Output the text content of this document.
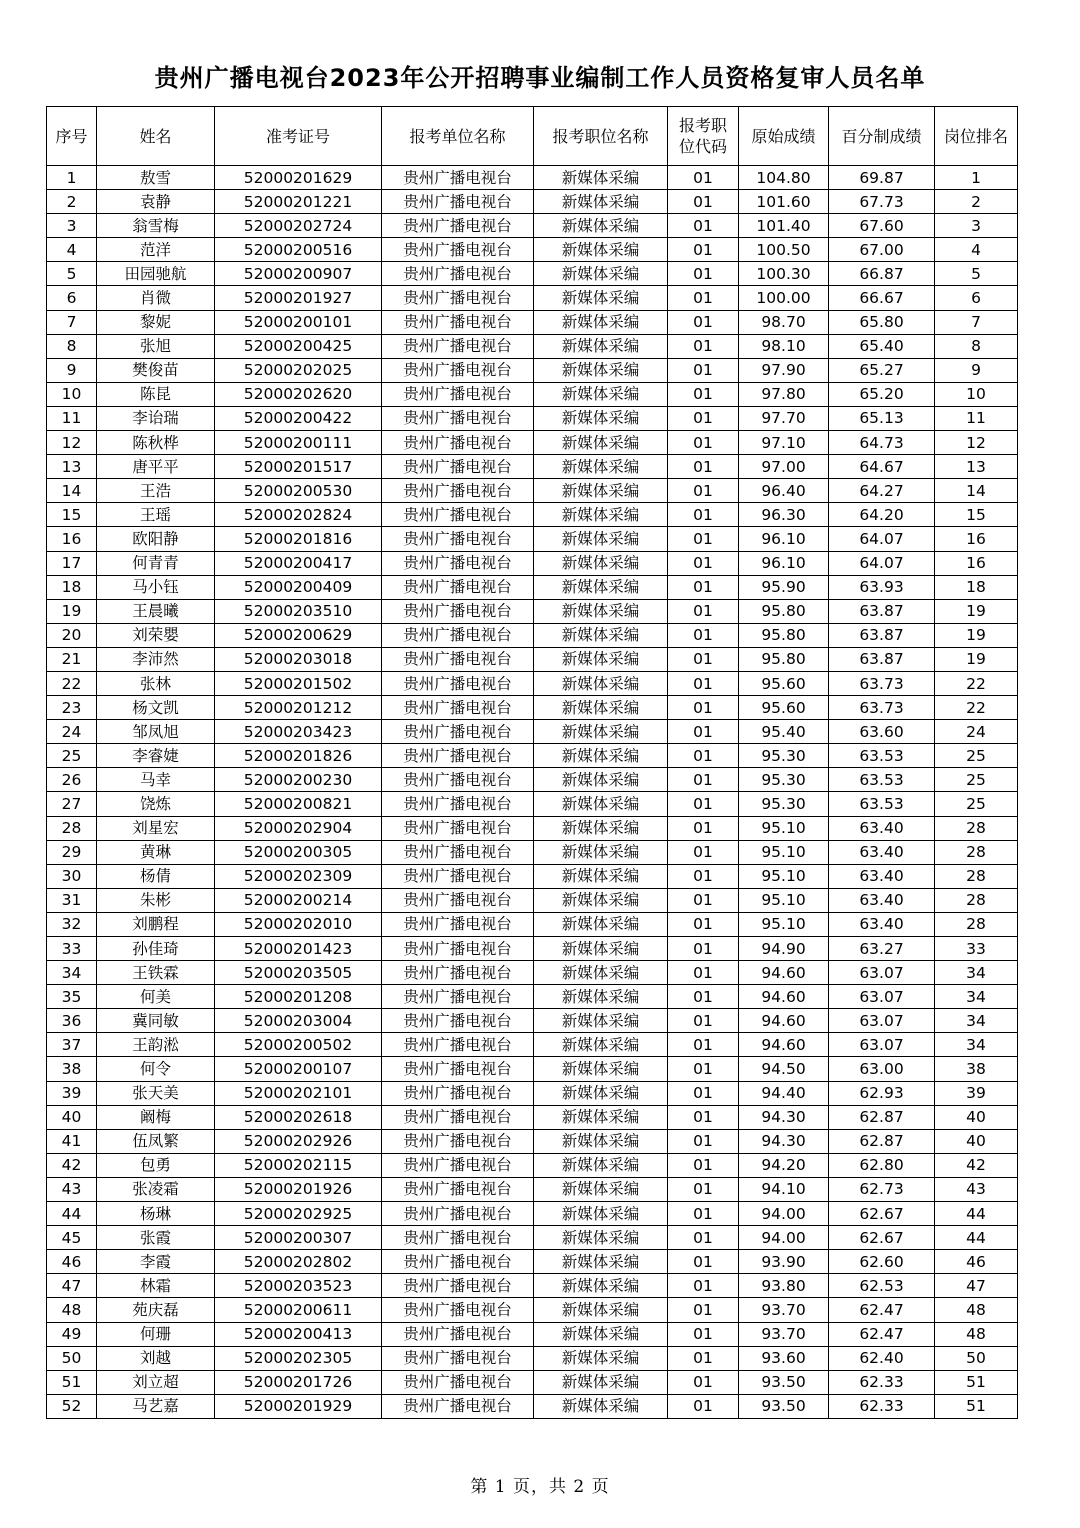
贵州广播电视台2023年公开招聘事业编制工作人员资格复审人员名单
序号	姓名	准考证号	报考单位名称	报考职位名称	报考职位代码	原始成绩	百分制成绩	岗位排名
1	敖雪	52000201629	贵州广播电视台	新媒体采编	01	104.80	69.87	1
2	袁静	52000201221	贵州广播电视台	新媒体采编	01	101.60	67.73	2
3	翁雪梅	52000202724	贵州广播电视台	新媒体采编	01	101.40	67.60	3
4	范洋	52000200516	贵州广播电视台	新媒体采编	01	100.50	67.00	4
5	田园驰航	52000200907	贵州广播电视台	新媒体采编	01	100.30	66.87	5
6	肖微	52000201927	贵州广播电视台	新媒体采编	01	100.00	66.67	6
7	黎妮	52000200101	贵州广播电视台	新媒体采编	01	98.70	65.80	7
8	张旭	52000200425	贵州广播电视台	新媒体采编	01	98.10	65.40	8
9	樊俊苗	52000202025	贵州广播电视台	新媒体采编	01	97.90	65.27	9
10	陈昆	52000202620	贵州广播电视台	新媒体采编	01	97.80	65.20	10
11	李诒瑞	52000200422	贵州广播电视台	新媒体采编	01	97.70	65.13	11
12	陈秋桦	52000200111	贵州广播电视台	新媒体采编	01	97.10	64.73	12
13	唐平平	52000201517	贵州广播电视台	新媒体采编	01	97.00	64.67	13
14	王浩	52000200530	贵州广播电视台	新媒体采编	01	96.40	64.27	14
15	王瑶	52000202824	贵州广播电视台	新媒体采编	01	96.30	64.20	15
16	欧阳静	52000201816	贵州广播电视台	新媒体采编	01	96.10	64.07	16
17	何青青	52000200417	贵州广播电视台	新媒体采编	01	96.10	64.07	16
18	马小钰	52000200409	贵州广播电视台	新媒体采编	01	95.90	63.93	18
19	王晨曦	52000203510	贵州广播电视台	新媒体采编	01	95.80	63.87	19
20	刘荣嬰	52000200629	贵州广播电视台	新媒体采编	01	95.80	63.87	19
21	李沛然	52000203018	贵州广播电视台	新媒体采编	01	95.80	63.87	19
22	张林	52000201502	贵州广播电视台	新媒体采编	01	95.60	63.73	22
23	杨文凯	52000201212	贵州广播电视台	新媒体采编	01	95.60	63.73	22
24	邹凤旭	52000203423	贵州广播电视台	新媒体采编	01	95.40	63.60	24
25	李睿婕	52000201826	贵州广播电视台	新媒体采编	01	95.30	63.53	25
26	马幸	52000200230	贵州广播电视台	新媒体采编	01	95.30	63.53	25
27	饶炼	52000200821	贵州广播电视台	新媒体采编	01	95.30	63.53	25
28	刘星宏	52000202904	贵州广播电视台	新媒体采编	01	95.10	63.40	28
29	黄琳	52000200305	贵州广播电视台	新媒体采编	01	95.10	63.40	28
30	杨倩	52000202309	贵州广播电视台	新媒体采编	01	95.10	63.40	28
31	朱彬	52000200214	贵州广播电视台	新媒体采编	01	95.10	63.40	28
32	刘鹏程	52000202010	贵州广播电视台	新媒体采编	01	95.10	63.40	28
33	孙佳琦	52000201423	贵州广播电视台	新媒体采编	01	94.90	63.27	33
34	王铁霖	52000203505	贵州广播电视台	新媒体采编	01	94.60	63.07	34
35	何美	52000201208	贵州广播电视台	新媒体采编	01	94.60	63.07	34
36	冀同敏	52000203004	贵州广播电视台	新媒体采编	01	94.60	63.07	34
37	王韵淞	52000200502	贵州广播电视台	新媒体采编	01	94.60	63.07	34
38	何令	52000200107	贵州广播电视台	新媒体采编	01	94.50	63.00	38
39	张天美	52000202101	贵州广播电视台	新媒体采编	01	94.40	62.93	39
40	阚梅	52000202618	贵州广播电视台	新媒体采编	01	94.30	62.87	40
41	伍凤繁	52000202926	贵州广播电视台	新媒体采编	01	94.30	62.87	40
42	包勇	52000202115	贵州广播电视台	新媒体采编	01	94.20	62.80	42
43	张凌霜	52000201926	贵州广播电视台	新媒体采编	01	94.10	62.73	43
44	杨琳	52000202925	贵州广播电视台	新媒体采编	01	94.00	62.67	44
45	张霞	52000200307	贵州广播电视台	新媒体采编	01	94.00	62.67	44
46	李霞	52000202802	贵州广播电视台	新媒体采编	01	93.90	62.60	46
47	林霜	52000203523	贵州广播电视台	新媒体采编	01	93.80	62.53	47
48	苑庆磊	52000200611	贵州广播电视台	新媒体采编	01	93.70	62.47	48
49	何珊	52000200413	贵州广播电视台	新媒体采编	01	93.70	62.47	48
50	刘越	52000202305	贵州广播电视台	新媒体采编	01	93.60	62.40	50
51	刘立超	52000201726	贵州广播电视台	新媒体采编	01	93.50	62.33	51
52	马艺嘉	52000201929	贵州广播电视台	新媒体采编	01	93.50	62.33	51
第 1 页，共 2 页
